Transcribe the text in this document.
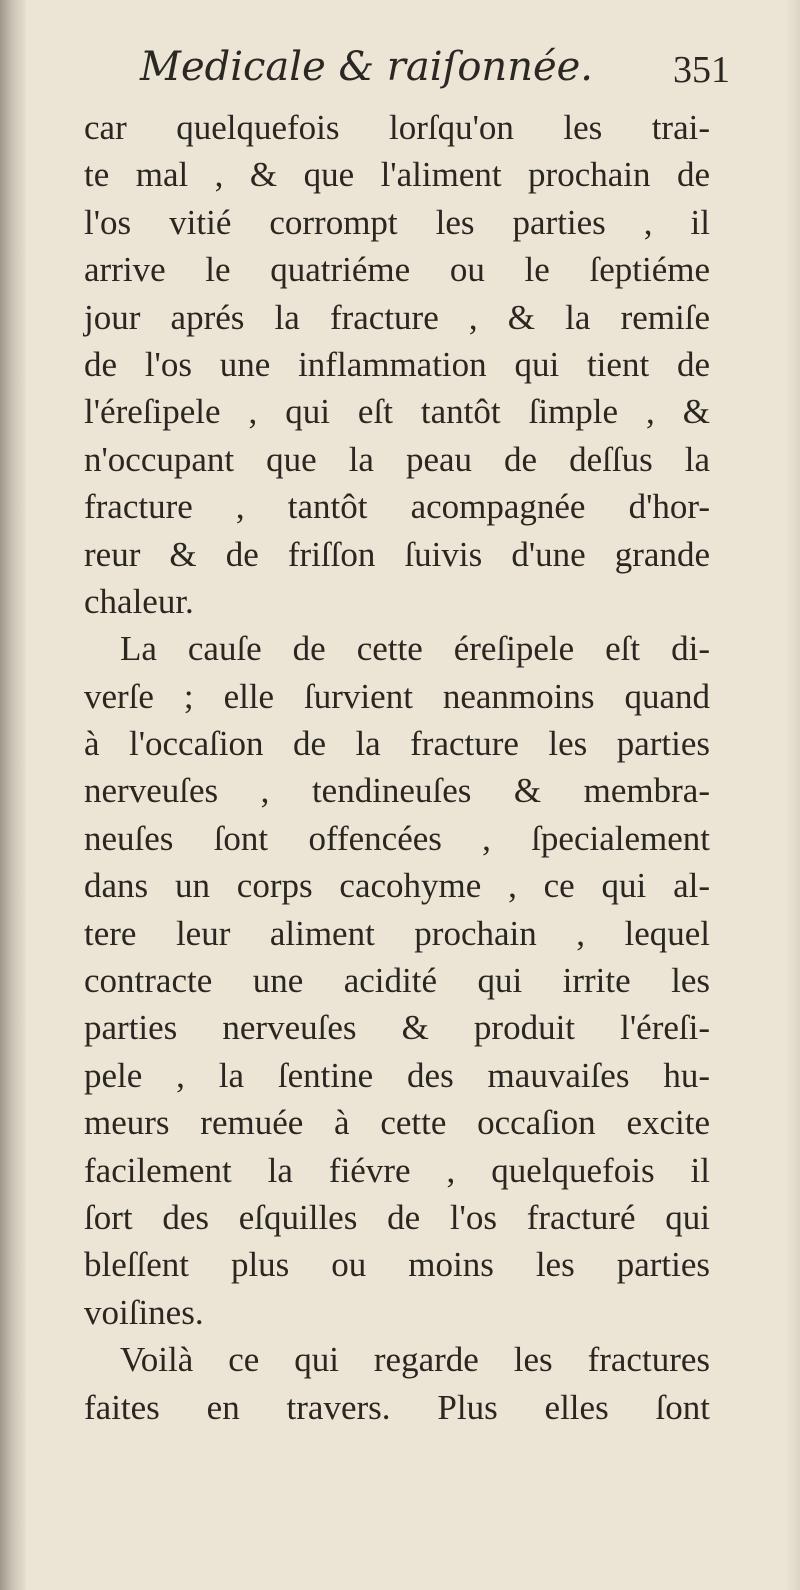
Medicale & raiſonnée. 351
car quelquefois lorſqu'on les trai-
te mal , & que l'aliment prochain de
l'os vitié corrompt les parties , il
arrive le quatriéme ou le ſeptiéme
jour aprés la fracture , & la remiſe
de l'os une inflammation qui tient de
l'éreſipele , qui eſt tantôt ſimple , &
n'occupant que la peau de deſſus la
fracture , tantôt acompagnée d'hor-
reur & de friſſon ſuivis d'une grande
chaleur.
La cauſe de cette éreſipele eſt di-
verſe ; elle ſurvient neanmoins quand
à l'occaſion de la fracture les parties
nerveuſes , tendineuſes & membra-
neuſes ſont offencées , ſpecialement
dans un corps cacohyme , ce qui al-
tere leur aliment prochain , lequel
contracte une acidité qui irrite les
parties nerveuſes & produit l'éreſi-
pele , la ſentine des mauvaiſes hu-
meurs remuée à cette occaſion excite
facilement la fiévre , quelquefois il
ſort des eſquilles de l'os fracturé qui
bleſſent plus ou moins les parties
voiſines.
Voilà ce qui regarde les fractures
faites en travers. Plus elles ſont
